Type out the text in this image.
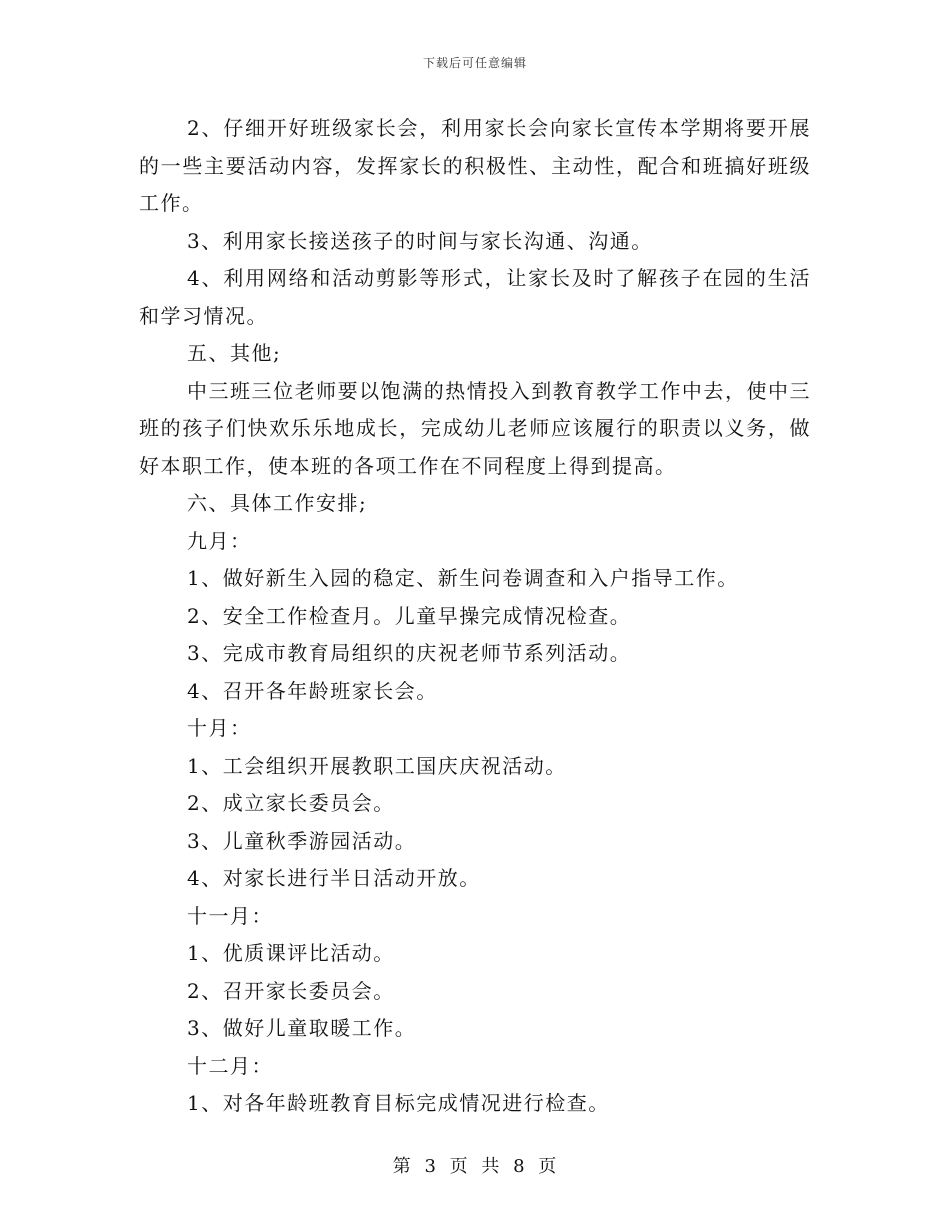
下载后可任意编辑

2、仔细开好班级家长会，利用家长会向家长宣传本学期将要开展的一些主要活动内容，发挥家长的积极性、主动性，配合和班搞好班级工作。

3、利用家长接送孩子的时间与家长沟通、沟通。

4、利用网络和活动剪影等形式，让家长及时了解孩子在园的生活和学习情况。

五、其他;

中三班三位老师要以饱满的热情投入到教育教学工作中去，使中三班的孩子们快欢乐乐地成长，完成幼儿老师应该履行的职责以义务，做好本职工作，使本班的各项工作在不同程度上得到提高。

六、具体工作安排;

九月：

1、做好新生入园的稳定、新生问卷调查和入户指导工作。

2、安全工作检查月。儿童早操完成情况检查。

3、完成市教育局组织的庆祝老师节系列活动。

4、召开各年龄班家长会。

十月：

1、工会组织开展教职工国庆庆祝活动。

2、成立家长委员会。

3、儿童秋季游园活动。

4、对家长进行半日活动开放。

十一月：

1、优质课评比活动。

2、召开家长委员会。

3、做好儿童取暖工作。

十二月：

1、对各年龄班教育目标完成情况进行检查。

第 3 页 共 8 页
